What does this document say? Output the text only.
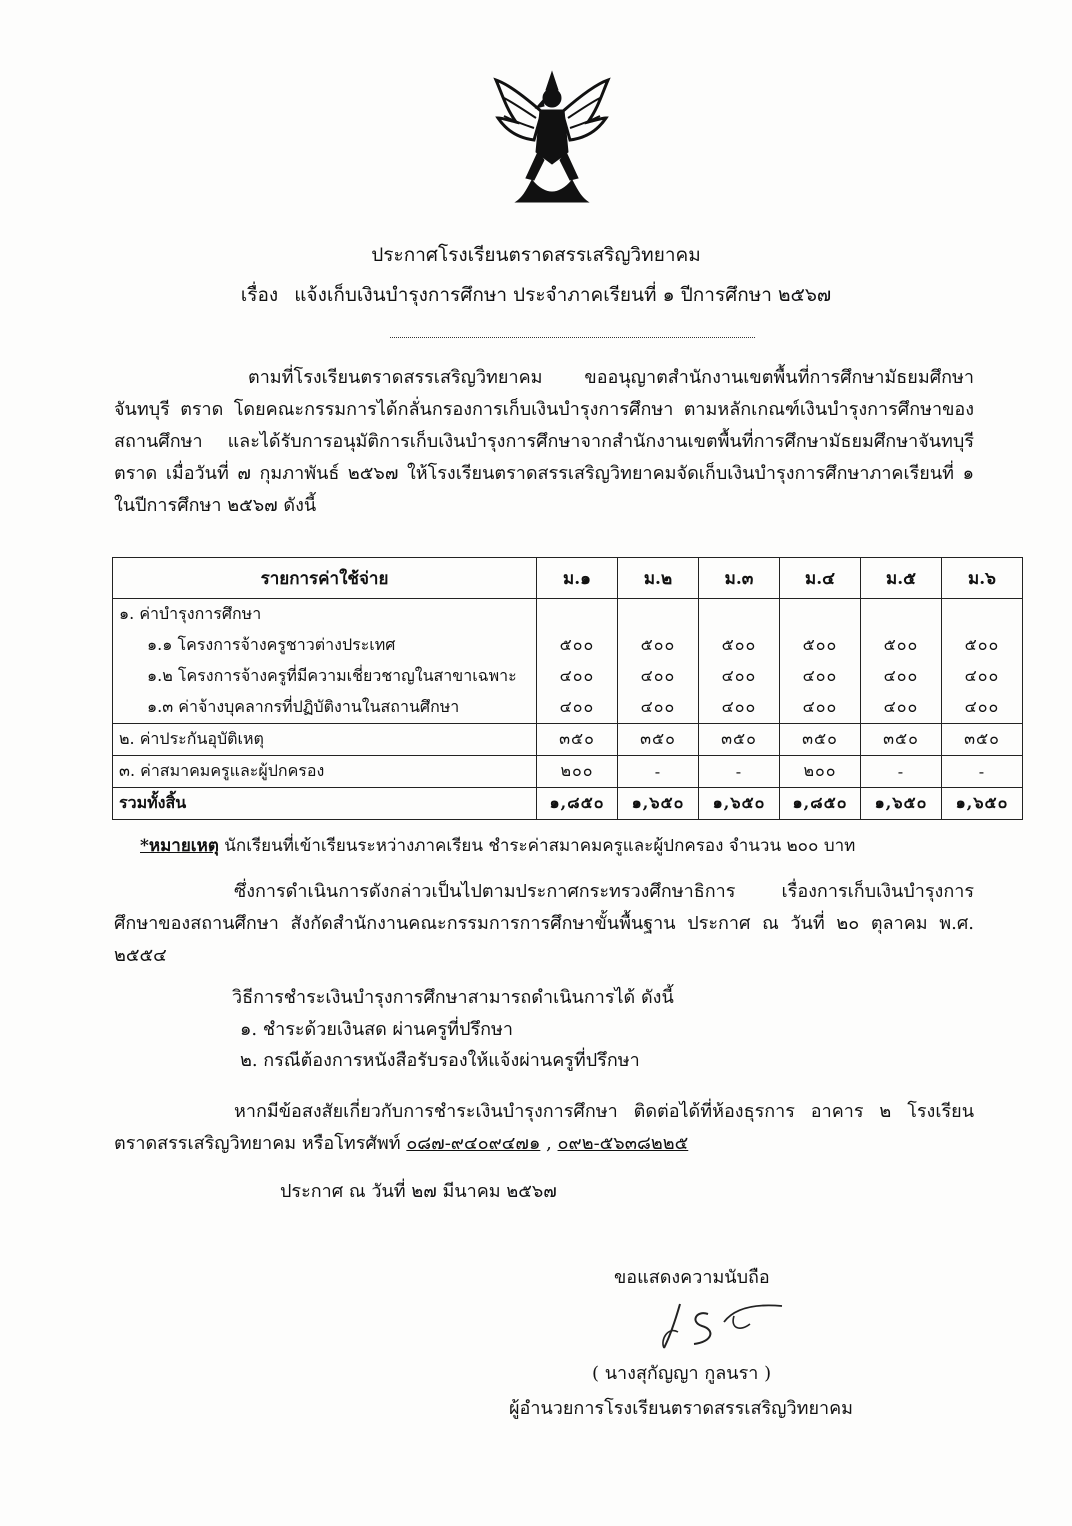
ประกาศโรงเรียนตราดสรรเสริญวิทยาคม
เรื่อง แจ้งเก็บเงินบำรุงการศึกษา ประจำภาคเรียนที่ ๑ ปีการศึกษา ๒๕๖๗

ตามที่โรงเรียนตราดสรรเสริญวิทยาคม ขออนุญาตสำนักงานเขตพื้นที่การศึกษามัธยมศึกษาจันทบุรี ตราด โดยคณะกรรมการได้กลั่นกรองการเก็บเงินบำรุงการศึกษา ตามหลักเกณฑ์เงินบำรุงการศึกษาของสถานศึกษา และได้รับการอนุมัติการเก็บเงินบำรุงการศึกษาจากสำนักงานเขตพื้นที่การศึกษามัธยมศึกษาจันทบุรี ตราด เมื่อวันที่ ๗ กุมภาพันธ์ ๒๕๖๗ ให้โรงเรียนตราดสรรเสริญวิทยาคมจัดเก็บเงินบำรุงการศึกษาภาคเรียนที่ ๑ ในปีการศึกษา ๒๕๖๗ ดังนี้

รายการค่าใช้จ่าย	ม.๑	ม.๒	ม.๓	ม.๔	ม.๕	ม.๖
๑. ค่าบำรุงการศึกษา						
๑.๑ โครงการจ้างครูชาวต่างประเทศ	๕๐๐	๕๐๐	๕๐๐	๕๐๐	๕๐๐	๕๐๐
๑.๒ โครงการจ้างครูที่มีความเชี่ยวชาญในสาขาเฉพาะ	๔๐๐	๔๐๐	๔๐๐	๔๐๐	๔๐๐	๔๐๐
๑.๓ ค่าจ้างบุคลากรที่ปฏิบัติงานในสถานศึกษา	๔๐๐	๔๐๐	๔๐๐	๔๐๐	๔๐๐	๔๐๐
๒. ค่าประกันอุบัติเหตุ	๓๕๐	๓๕๐	๓๕๐	๓๕๐	๓๕๐	๓๕๐
๓. ค่าสมาคมครูและผู้ปกครอง	๒๐๐	-	-	๒๐๐	-	-
รวมทั้งสิ้น	๑,๘๕๐	๑,๖๕๐	๑,๖๕๐	๑,๘๕๐	๑,๖๕๐	๑,๖๕๐
*หมายเหตุ นักเรียนที่เข้าเรียนระหว่างภาคเรียน ชำระค่าสมาคมครูและผู้ปกครอง จำนวน ๒๐๐ บาท

ซึ่งการดำเนินการดังกล่าวเป็นไปตามประกาศกระทรวงศึกษาธิการ เรื่องการเก็บเงินบำรุงการศึกษาของสถานศึกษา สังกัดสำนักงานคณะกรรมการการศึกษาขั้นพื้นฐาน ประกาศ ณ วันที่ ๒๐ ตุลาคม พ.ศ. ๒๕๕๔

วิธีการชำระเงินบำรุงการศึกษาสามารถดำเนินการได้ ดังนี้
๑. ชำระด้วยเงินสด ผ่านครูที่ปรึกษา
๒. กรณีต้องการหนังสือรับรองให้แจ้งผ่านครูที่ปรึกษา

หากมีข้อสงสัยเกี่ยวกับการชำระเงินบำรุงการศึกษา ติดต่อได้ที่ห้องธุรการ อาคาร ๒ โรงเรียนตราดสรรเสริญวิทยาคม หรือโทรศัพท์ ๐๘๗-๙๔๐๙๔๗๑ , ๐๙๒-๕๖๓๘๒๒๕

ประกาศ ณ วันที่ ๒๗ มีนาคม ๒๕๖๗
ขอแสดงความนับถือ
( นางสุกัญญา กูลนรา )
ผู้อำนวยการโรงเรียนตราดสรรเสริญวิทยาคม
